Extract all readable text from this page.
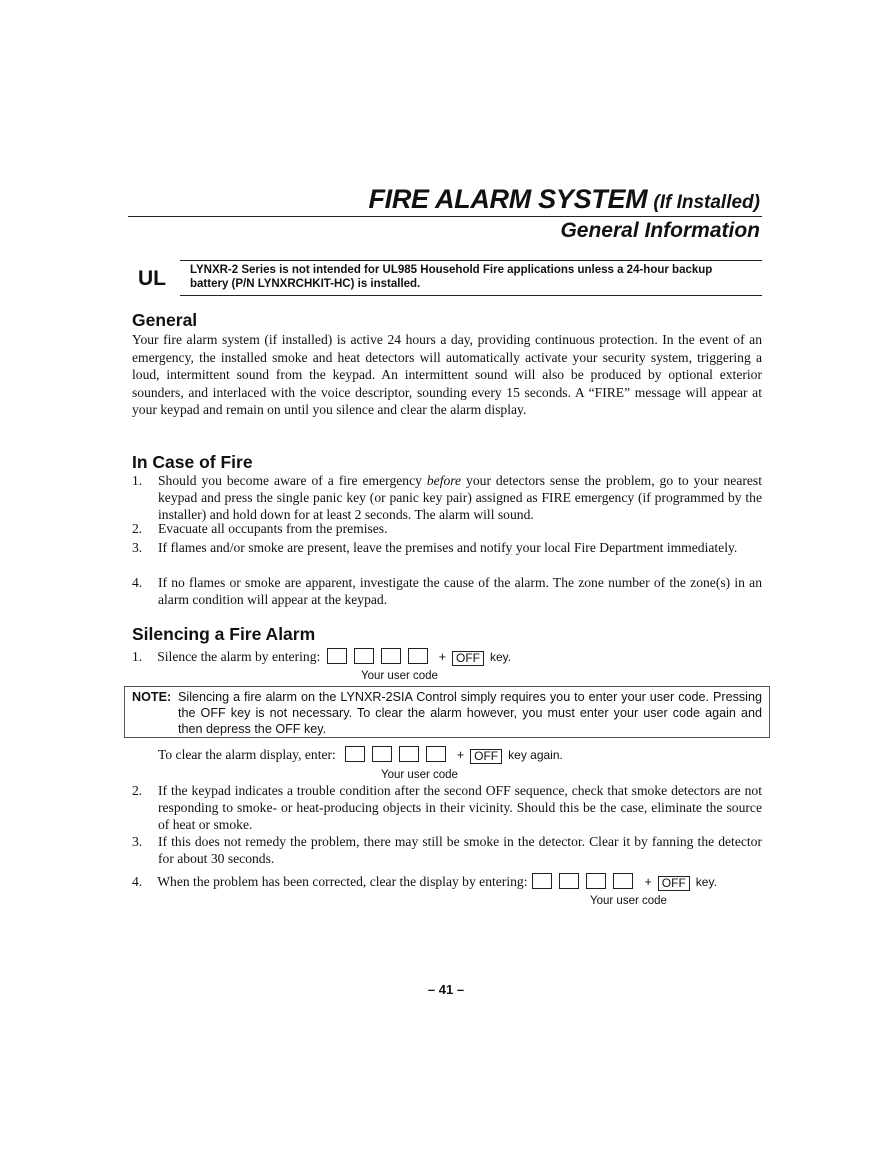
FIRE ALARM SYSTEM (If Installed)
General Information
UL LYNXR-2 Series is not intended for UL985 Household Fire applications unless a 24-hour backup battery (P/N LYNXRCHKIT-HC) is installed.
General

Your fire alarm system (if installed) is active 24 hours a day, providing continuous protection. In the event of an emergency, the installed smoke and heat detectors will automatically activate your security system, triggering a loud, intermittent sound from the keypad. An intermittent sound will also be produced by optional exterior sounders, and interlaced with the voice descriptor, sounding every 15 seconds. A “FIRE” message will appear at your keypad and remain on until you silence and clear the alarm display.

In Case of Fire
1. Should you become aware of a fire emergency before your detectors sense the problem, go to your nearest keypad and press the single panic key (or panic key pair) assigned as FIRE emergency (if programmed by the installer) and hold down for at least 2 seconds. The alarm will sound.
2. Evacuate all occupants from the premises.
3. If flames and/or smoke are present, leave the premises and notify your local Fire Department immediately.
4. If no flames or smoke are apparent, investigate the cause of the alarm. The zone number of the zone(s) in an alarm condition will appear at the keypad.
Silencing a Fire Alarm
1. Silence the alarm by entering:	+ OFF key.
Your user code
NOTE: Silencing a fire alarm on the LYNXR-2SIA Control simply requires you to enter your user code. Pressing the OFF key is not necessary. To clear the alarm however, you must enter your user code again and then depress the OFF key.
To clear the alarm display, enter:	+ OFF key again.
Your user code
2. If the keypad indicates a trouble condition after the second OFF sequence, check that smoke detectors are not responding to smoke- or heat-producing objects in their vicinity. Should this be the case, eliminate the source of heat or smoke.
3. If this does not remedy the problem, there may still be smoke in the detector. Clear it by fanning the detector for about 30 seconds.
4. When the problem has been corrected, clear the display by entering:	+ OFF key.
Your user code
– 41 –
